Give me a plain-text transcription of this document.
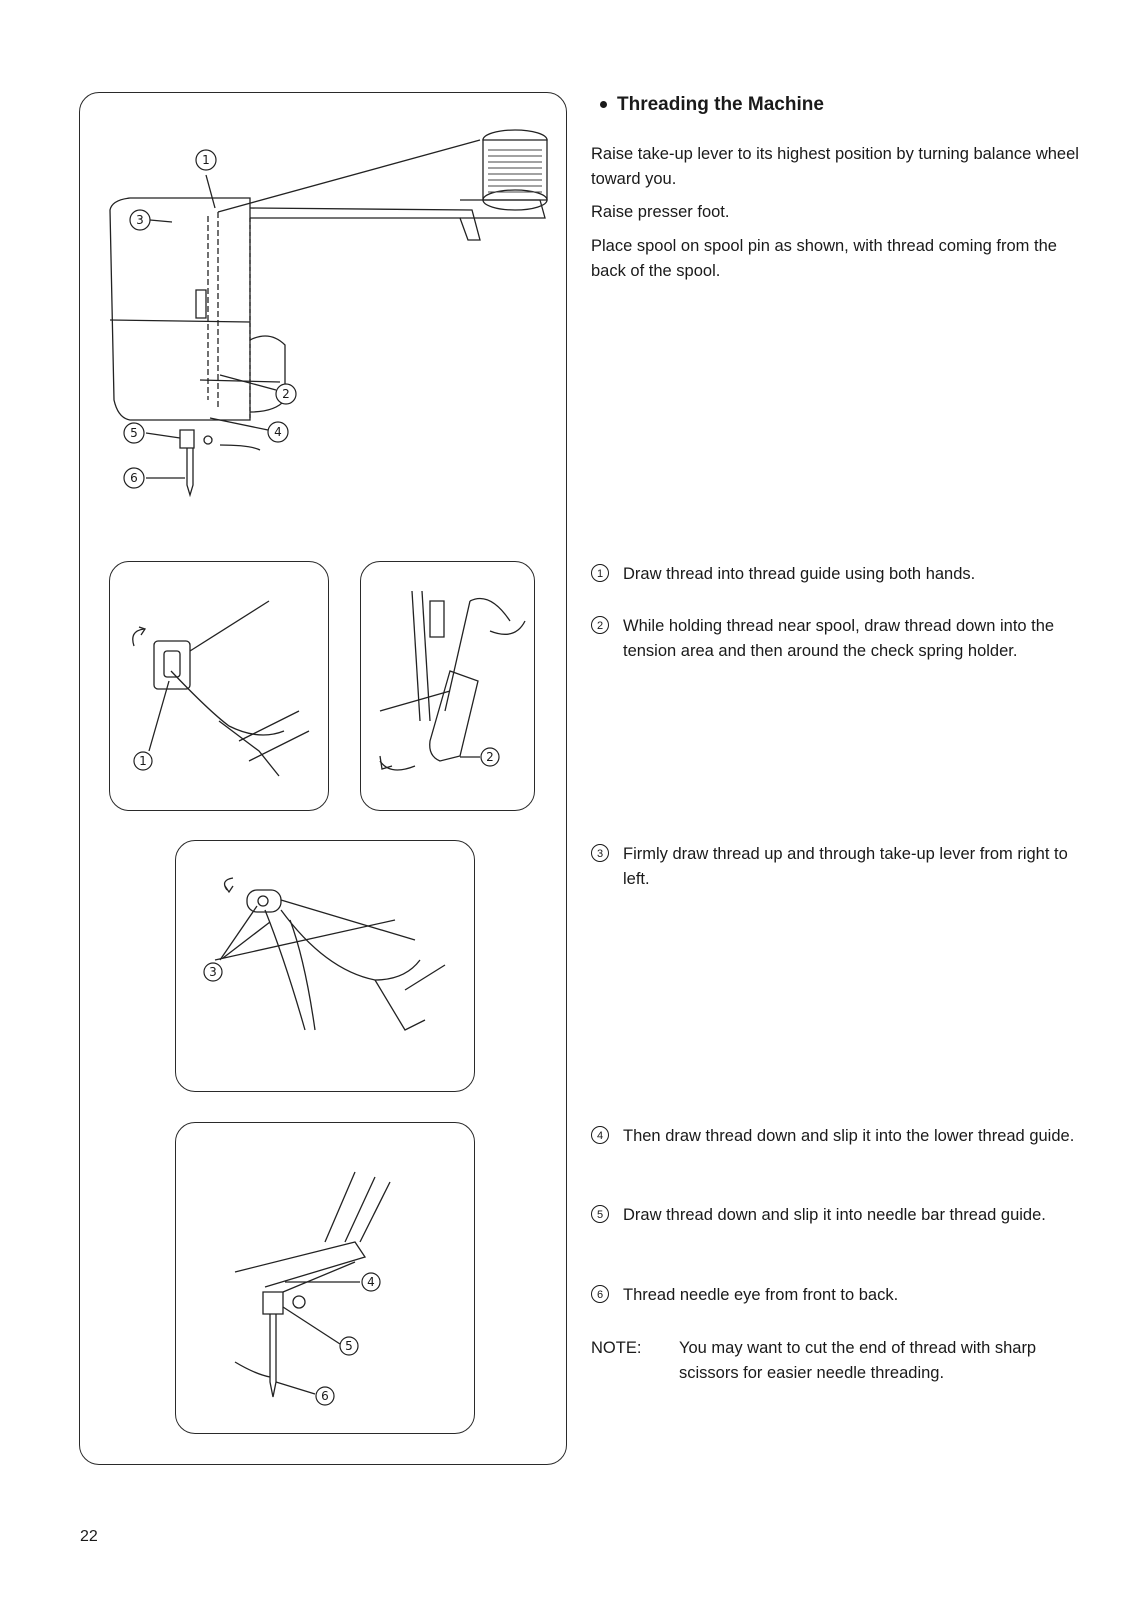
1
3
2
4
5
6
1	2
3
4
5
6
Threading the Machine

Raise take-up lever to its highest position by turning balance wheel toward you.

Raise presser foot.

Place spool on spool pin as shown, with thread coming from the back of the spool.

1	Draw thread into thread guide using both hands.
2	While holding thread near spool, draw thread down into the tension area and then around the check spring holder.
3	Firmly draw thread up and through take-up lever from right to left.
4	Then draw thread down and slip it into the lower thread guide.
5	Draw thread down and slip it into needle bar thread guide.
6	Thread needle eye from front to back.
NOTE: You may want to cut the end of thread with sharp scissors for easier needle threading.
22
